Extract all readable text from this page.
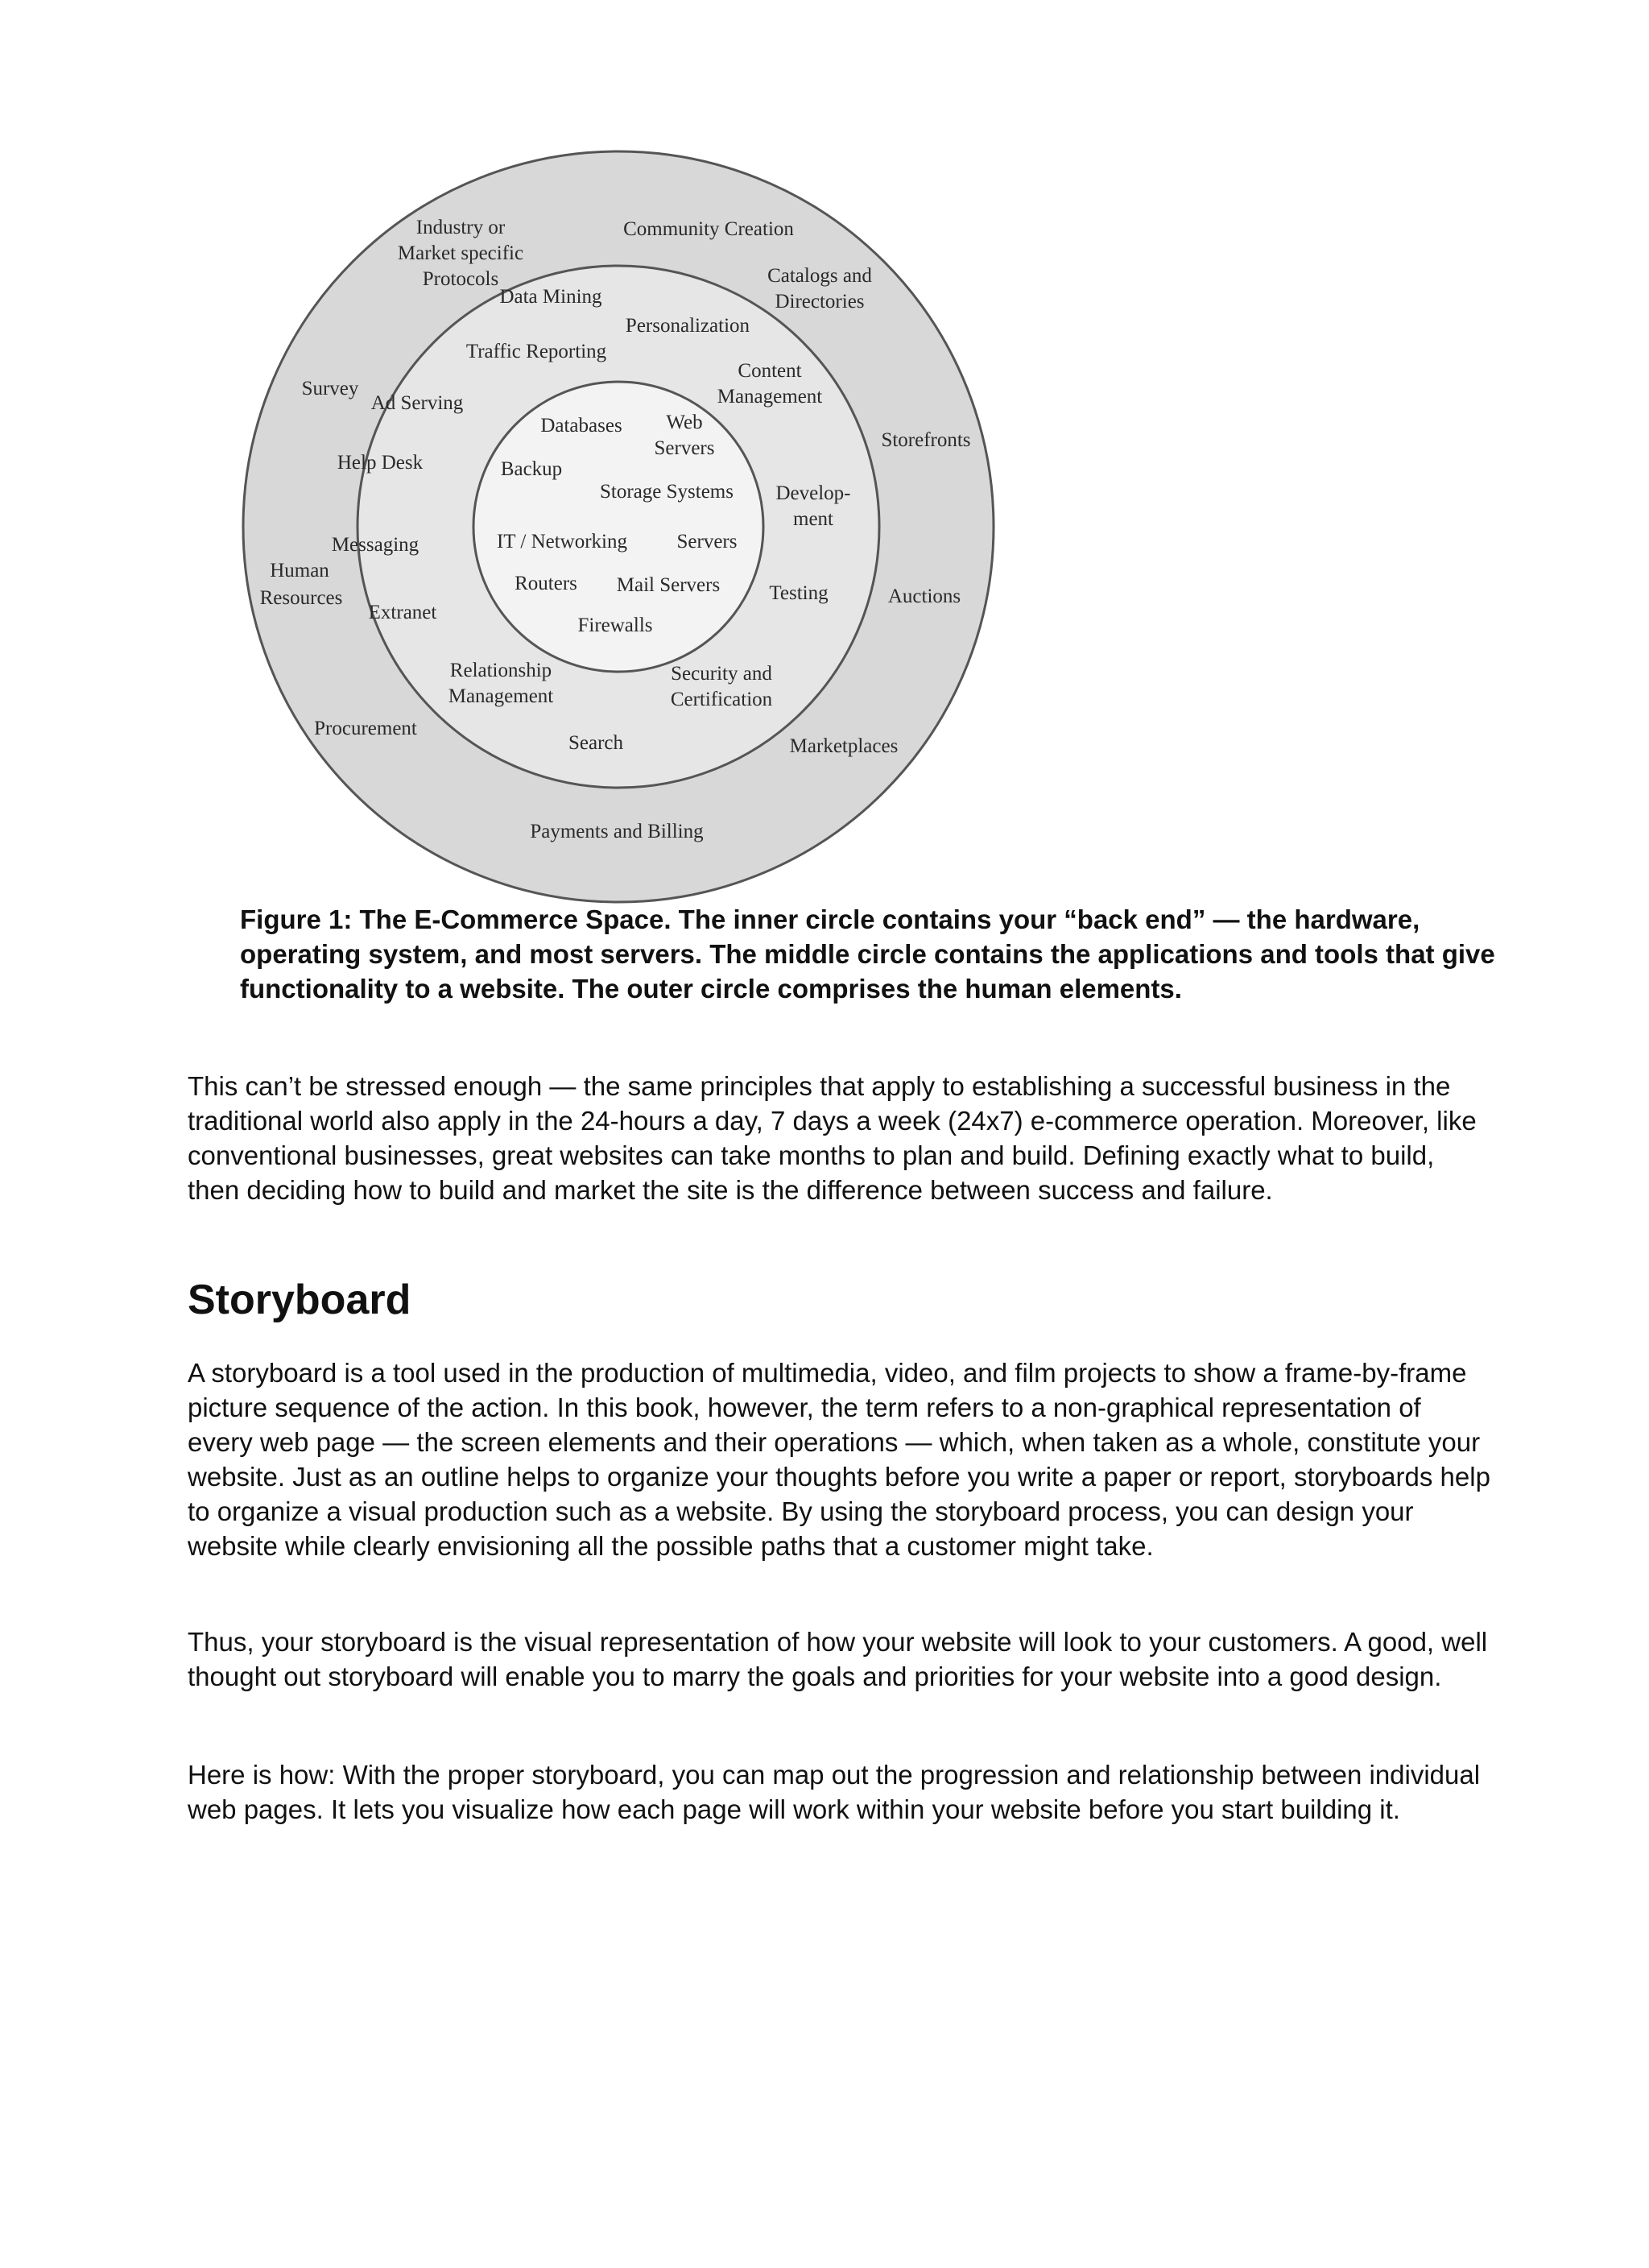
Industry or
Market specific
Protocols
Community Creation
Catalogs and
Directories
Survey
Storefronts
Human
Resources	Auctions
Procurement
Marketplaces
Payments and Billing
Data Mining
Personalization
Traffic Reporting
Content
Management
Ad Serving
Help Desk
Develop-
ment
Messaging
Testing
Extranet
Relationship
Management
Security and
Certification
Search
Databases Web
Servers
Backup
Storage Systems
IT / Networking Servers
Routers Mail Servers
Firewalls
Figure 1: The E-Commerce Space. The inner circle contains your “back end” — the hardware, operating system, and most servers. The middle circle contains the applications and tools that give functionality to a website. The outer circle comprises the human elements.

This can’t be stressed enough — the same principles that apply to establishing a successful business in the traditional world also apply in the 24-hours a day, 7 days a week (24x7) e-commerce operation. Moreover, like conventional businesses, great websites can take months to plan and build. Defining exactly what to build, then deciding how to build and market the site is the difference between success and failure.

Storyboard

A storyboard is a tool used in the production of multimedia, video, and film projects to show a frame-by-frame picture sequence of the action. In this book, however, the term refers to a non-graphical representation of every web page — the screen elements and their operations — which, when taken as a whole, constitute your website. Just as an outline helps to organize your thoughts before you write a paper or report, storyboards help to organize a visual production such as a website. By using the storyboard process, you can design your website while clearly envisioning all the possible paths that a customer might take.

Thus, your storyboard is the visual representation of how your website will look to your customers. A good, well thought out storyboard will enable you to marry the goals and priorities for your website into a good design.

Here is how: With the proper storyboard, you can map out the progression and relationship between individual web pages. It lets you visualize how each page will work within your website before you start building it.
